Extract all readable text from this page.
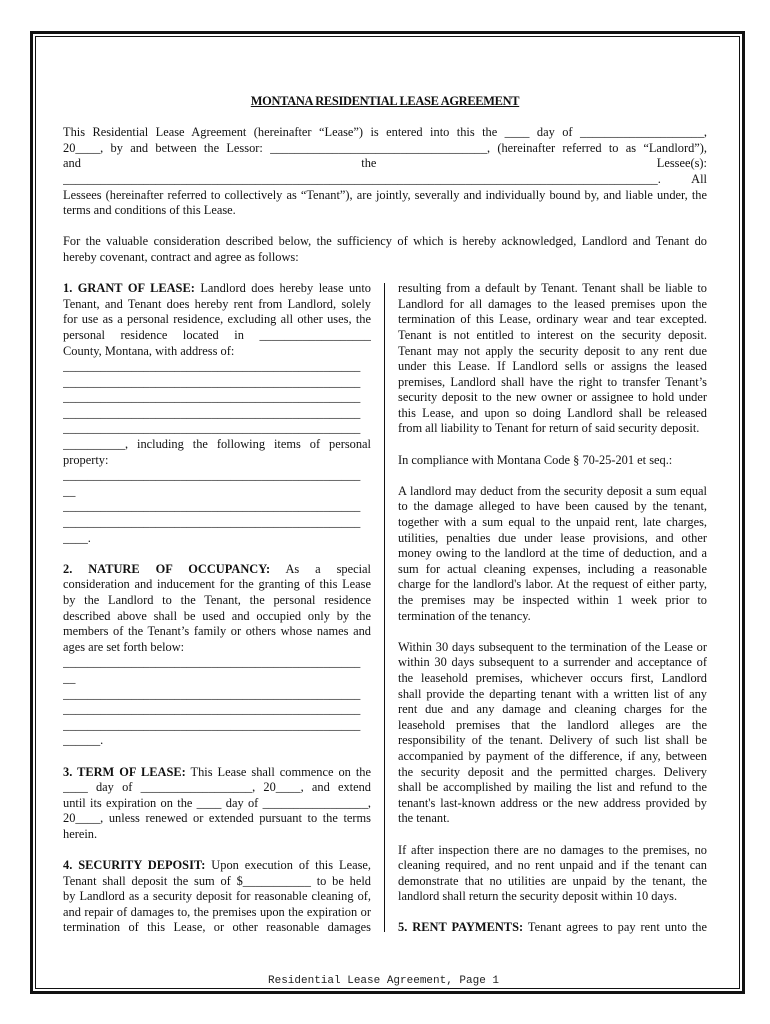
MONTANA RESIDENTIAL LEASE AGREEMENT
This Residential Lease Agreement (hereinafter “Lease”) is entered into this the ____ day of ____________________,
20____, by and between the Lessor: ___________________________________, (hereinafter referred to as “Landlord”),
and the Lessee(s):
________________________________________________________________________________________________. All
Lessees (hereinafter referred to collectively as “Tenant”), are jointly, severally and individually bound by, and liable under, the
terms and conditions of this Lease.
For the valuable consideration described below, the sufficiency of which is hereby acknowledged, Landlord and Tenant do
hereby covenant, contract and agree as follows:
1. GRANT OF LEASE: Landlord does hereby lease unto
Tenant, and Tenant does hereby rent from Landlord, solely
for use as a personal residence, excluding all other uses, the
personal residence located in __________________
County, Montana, with address of:
________________________________________________
________________________________________________
________________________________________________
________________________________________________
________________________________________________
__________, including the following items of personal
property:
________________________________________________
__
________________________________________________
________________________________________________
____.
2. NATURE OF OCCUPANCY: As a special
consideration and inducement for the granting of this Lease
by the Landlord to the Tenant, the personal residence
described above shall be used and occupied only by the
members of the Tenant’s family or others whose names and
ages are set forth below:
________________________________________________
__
________________________________________________
________________________________________________
________________________________________________
______.
3. TERM OF LEASE: This Lease shall commence on the
____ day of __________________, 20____, and extend
until its expiration on the ____ day of _________________,
20____, unless renewed or extended pursuant to the terms
herein.
4. SECURITY DEPOSIT: Upon execution of this Lease,
Tenant shall deposit the sum of $___________ to be held
by Landlord as a security deposit for reasonable cleaning of,
and repair of damages to, the premises upon the expiration or
termination of this Lease, or other reasonable damages
resulting from a default by Tenant. Tenant shall be liable to
Landlord for all damages to the leased premises upon the
termination of this Lease, ordinary wear and tear excepted.
Tenant is not entitled to interest on the security deposit.
Tenant may not apply the security deposit to any rent due
under this Lease. If Landlord sells or assigns the leased
premises, Landlord shall have the right to transfer Tenant’s
security deposit to the new owner or assignee to hold under
this Lease, and upon so doing Landlord shall be released
from all liability to Tenant for return of said security deposit.
In compliance with Montana Code § 70-25-201 et seq.:
A landlord may deduct from the security deposit a sum equal
to the damage alleged to have been caused by the tenant,
together with a sum equal to the unpaid rent, late charges,
utilities, penalties due under lease provisions, and other
money owing to the landlord at the time of deduction, and a
sum for actual cleaning expenses, including a reasonable
charge for the landlord's labor. At the request of either party,
the premises may be inspected within 1 week prior to
termination of the tenancy.
Within 30 days subsequent to the termination of the Lease or
within 30 days subsequent to a surrender and acceptance of
the leasehold premises, whichever occurs first, Landlord
shall provide the departing tenant with a written list of any
rent due and any damage and cleaning charges for the
leasehold premises that the landlord alleges are the
responsibility of the tenant. Delivery of such list shall be
accompanied by payment of the difference, if any, between
the security deposit and the permitted charges. Delivery
shall be accomplished by mailing the list and refund to the
tenant's last-known address or the new address provided by
the tenant.
If after inspection there are no damages to the premises, no
cleaning required, and no rent unpaid and if the tenant can
demonstrate that no utilities are unpaid by the tenant, the
landlord shall return the security deposit within 10 days.
5. RENT PAYMENTS: Tenant agrees to pay rent unto the
Residential Lease Agreement, Page 1
